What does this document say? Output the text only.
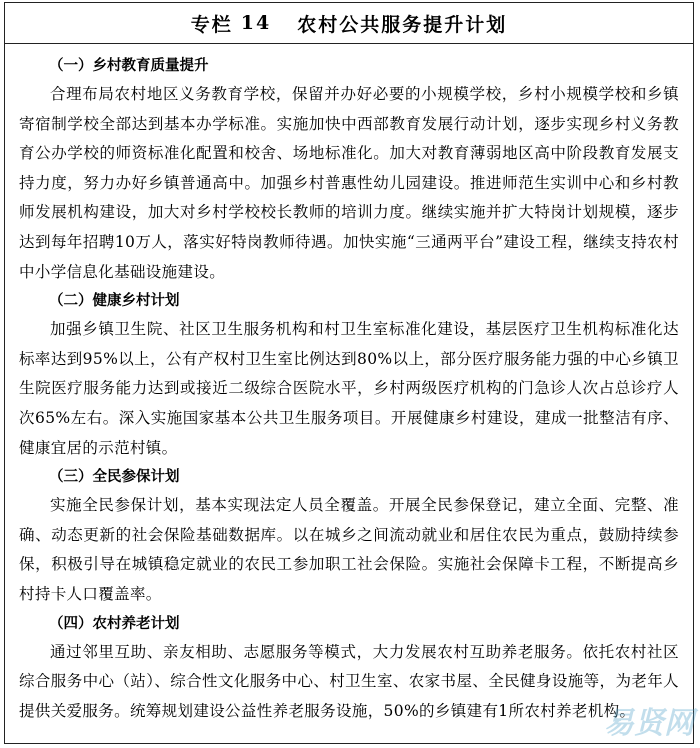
专栏 14 农村公共服务提升计划
（一）乡村教育质量提升

合理布局农村地区义务教育学校，保留并办好必要的小规模学校，乡村小规模学校和乡镇寄宿制学校全部达到基本办学标准。实施加快中西部教育发展行动计划，逐步实现乡村义务教育公办学校的师资标准化配置和校舍、场地标准化。加大对教育薄弱地区高中阶段教育发展支持力度，努力办好乡镇普通高中。加强乡村普惠性幼儿园建设。推进师范生实训中心和乡村教师发展机构建设，加大对乡村学校校长教师的培训力度。继续实施并扩大特岗计划规模，逐步达到每年招聘10万人，落实好特岗教师待遇。加快实施“三通两平台”建设工程，继续支持农村中小学信息化基础设施建设。

（二）健康乡村计划

加强乡镇卫生院、社区卫生服务机构和村卫生室标准化建设，基层医疗卫生机构标准化达标率达到95%以上，公有产权村卫生室比例达到80%以上，部分医疗服务能力强的中心乡镇卫生院医疗服务能力达到或接近二级综合医院水平，乡村两级医疗机构的门急诊人次占总诊疗人次65%左右。深入实施国家基本公共卫生服务项目。开展健康乡村建设，建成一批整洁有序、健康宜居的示范村镇。

（三）全民参保计划

实施全民参保计划，基本实现法定人员全覆盖。开展全民参保登记，建立全面、完整、准确、动态更新的社会保险基础数据库。以在城乡之间流动就业和居住农民为重点，鼓励持续参保，积极引导在城镇稳定就业的农民工参加职工社会保险。实施社会保障卡工程，不断提高乡村持卡人口覆盖率。

（四）农村养老计划

通过邻里互助、亲友相助、志愿服务等模式，大力发展农村互助养老服务。依托农村社区综合服务中心（站）、综合性文化服务中心、村卫生室、农家书屋、全民健身设施等，为老年人提供关爱服务。统筹规划建设公益性养老服务设施，50%的乡镇建有1所农村养老机构。

易贤网
